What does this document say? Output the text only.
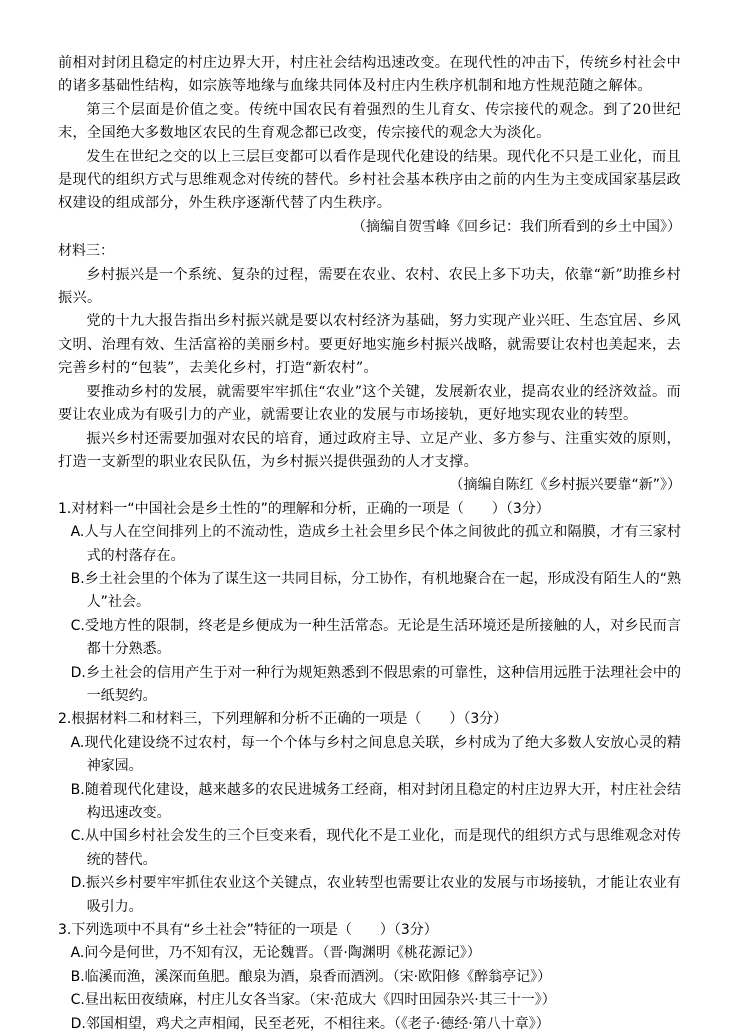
前相对封闭且稳定的村庄边界大开，村庄社会结构迅速改变。在现代性的冲击下，传统乡村社会中的诸多基础性结构，如宗族等地缘与血缘共同体及村庄内生秩序机制和地方性规范随之解体。

第三个层面是价值之变。传统中国农民有着强烈的生儿育女、传宗接代的观念。到了20世纪末，全国绝大多数地区农民的生育观念都已改变，传宗接代的观念大为淡化。

发生在世纪之交的以上三层巨变都可以看作是现代化建设的结果。现代化不只是工业化，而且是现代的组织方式与思维观念对传统的替代。乡村社会基本秩序由之前的内生为主变成国家基层政权建设的组成部分，外生秩序逐渐代替了内生秩序。

（摘编自贺雪峰《回乡记：我们所看到的乡土中国》）

材料三：

乡村振兴是一个系统、复杂的过程，需要在农业、农村、农民上多下功夫，依靠“新”助推乡村振兴。

党的十九大报告指出乡村振兴就是要以农村经济为基础，努力实现产业兴旺、生态宜居、乡风文明、治理有效、生活富裕的美丽乡村。要更好地实施乡村振兴战略，就需要让农村也美起来，去完善乡村的“包装”，去美化乡村，打造“新农村”。

要推动乡村的发展，就需要牢牢抓住“农业”这个关键，发展新农业，提高农业的经济效益。而要让农业成为有吸引力的产业，就需要让农业的发展与市场接轨，更好地实现农业的转型。

振兴乡村还需要加强对农民的培育，通过政府主导、立足产业、多方参与、注重实效的原则，打造一支新型的职业农民队伍，为乡村振兴提供强劲的人才支撑。

（摘编自陈红《乡村振兴要靠“新”》）

1.对材料一“中国社会是乡土性的”的理解和分析，正确的一项是（　　）（3分）

A.人与人在空间排列上的不流动性，造成乡土社会里乡民个体之间彼此的孤立和隔膜，才有三家村式的村落存在。

B.乡土社会里的个体为了谋生这一共同目标，分工协作，有机地聚合在一起，形成没有陌生人的“熟人”社会。

C.受地方性的限制，终老是乡便成为一种生活常态。无论是生活环境还是所接触的人，对乡民而言都十分熟悉。

D.乡土社会的信用产生于对一种行为规矩熟悉到不假思索的可靠性，这种信用远胜于法理社会中的一纸契约。

2.根据材料二和材料三，下列理解和分析不正确的一项是（　　）（3分）

A.现代化建设绕不过农村，每一个个体与乡村之间息息关联，乡村成为了绝大多数人安放心灵的精神家园。

B.随着现代化建设，越来越多的农民进城务工经商，相对封闭且稳定的村庄边界大开，村庄社会结构迅速改变。

C.从中国乡村社会发生的三个巨变来看，现代化不是工业化，而是现代的组织方式与思维观念对传统的替代。

D.振兴乡村要牢牢抓住农业这个关键点，农业转型也需要让农业的发展与市场接轨，才能让农业有吸引力。

3.下列选项中不具有“乡土社会”特征的一项是（　　）（3分）

A.问今是何世，乃不知有汉，无论魏晋。（晋·陶渊明《桃花源记》）

B.临溪而渔，溪深而鱼肥。酿泉为酒，泉香而酒洌。（宋·欧阳修《醉翁亭记》）

C.昼出耘田夜绩麻，村庄儿女各当家。（宋·范成大《四时田园杂兴·其三十一》）

D.邻国相望，鸡犬之声相闻，民至老死，不相往来。（《老子·德经·第八十章》）
